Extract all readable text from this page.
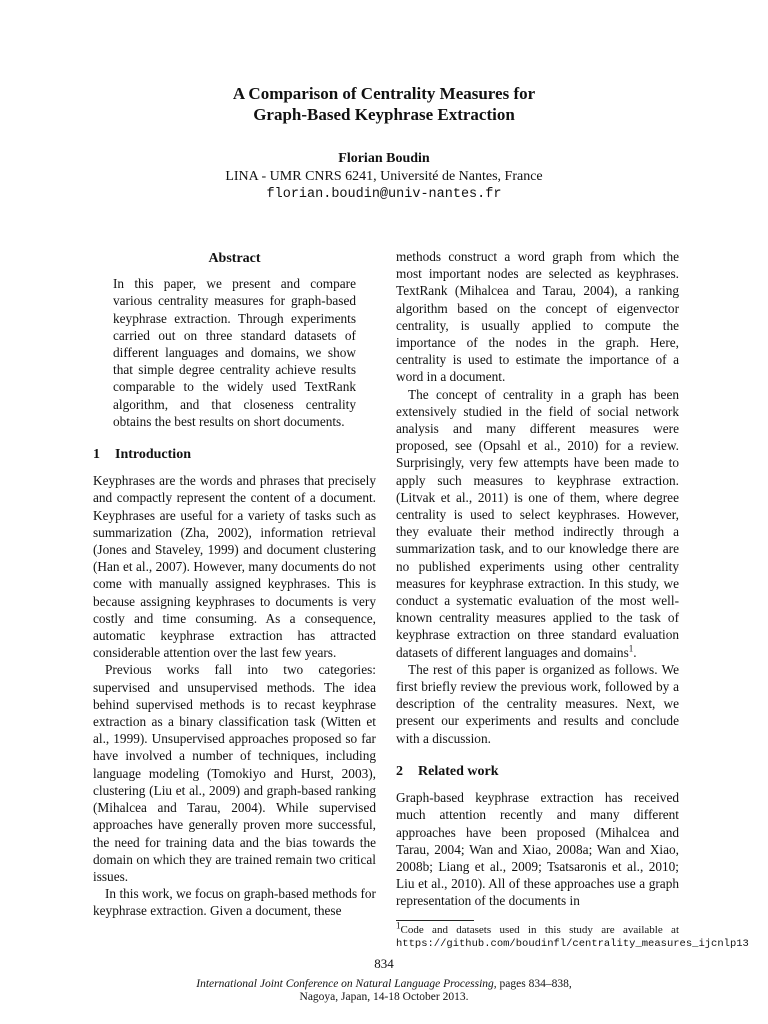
A Comparison of Centrality Measures for
Graph-Based Keyphrase Extraction
Florian Boudin
LINA - UMR CNRS 6241, Université de Nantes, France
florian.boudin@univ-nantes.fr
Abstract

In this paper, we present and compare various centrality measures for graph-based keyphrase extraction. Through experiments carried out on three standard datasets of different languages and domains, we show that simple degree centrality achieve results comparable to the widely used TextRank algorithm, and that closeness centrality obtains the best results on short documents.

1 Introduction

Keyphrases are the words and phrases that precisely and compactly represent the content of a document. Keyphrases are useful for a variety of tasks such as summarization (Zha, 2002), information retrieval (Jones and Staveley, 1999) and document clustering (Han et al., 2007). However, many documents do not come with manually assigned keyphrases. This is because assigning keyphrases to documents is very costly and time consuming. As a consequence, automatic keyphrase extraction has attracted considerable attention over the last few years.

Previous works fall into two categories: supervised and unsupervised methods. The idea behind supervised methods is to recast keyphrase extraction as a binary classification task (Witten et al., 1999). Unsupervised approaches proposed so far have involved a number of techniques, including language modeling (Tomokiyo and Hurst, 2003), clustering (Liu et al., 2009) and graph-based ranking (Mihalcea and Tarau, 2004). While supervised approaches have generally proven more successful, the need for training data and the bias towards the domain on which they are trained remain two critical issues.

In this work, we focus on graph-based methods for keyphrase extraction. Given a document, these

methods construct a word graph from which the most important nodes are selected as keyphrases. TextRank (Mihalcea and Tarau, 2004), a ranking algorithm based on the concept of eigenvector centrality, is usually applied to compute the importance of the nodes in the graph. Here, centrality is used to estimate the importance of a word in a document.

The concept of centrality in a graph has been extensively studied in the field of social network analysis and many different measures were proposed, see (Opsahl et al., 2010) for a review. Surprisingly, very few attempts have been made to apply such measures to keyphrase extraction. (Litvak et al., 2011) is one of them, where degree centrality is used to select keyphrases. However, they evaluate their method indirectly through a summarization task, and to our knowledge there are no published experiments using other centrality measures for keyphrase extraction. In this study, we conduct a systematic evaluation of the most well-known centrality measures applied to the task of keyphrase extraction on three standard evaluation datasets of different languages and domains$^1$.

The rest of this paper is organized as follows. We first briefly review the previous work, followed by a description of the centrality measures. Next, we present our experiments and results and conclude with a discussion.

2 Related work

Graph-based keyphrase extraction has received much attention recently and many different approaches have been proposed (Mihalcea and Tarau, 2004; Wan and Xiao, 2008a; Wan and Xiao, 2008b; Liang et al., 2009; Tsatsaronis et al., 2010; Liu et al., 2010). All of these approaches use a graph representation of the documents in

$^1$Code and datasets used in this study are available at https://github.com/boudinfl/centrality_measures_ijcnlp13
834
International Joint Conference on Natural Language Processing, pages 834–838,
Nagoya, Japan, 14-18 October 2013.
